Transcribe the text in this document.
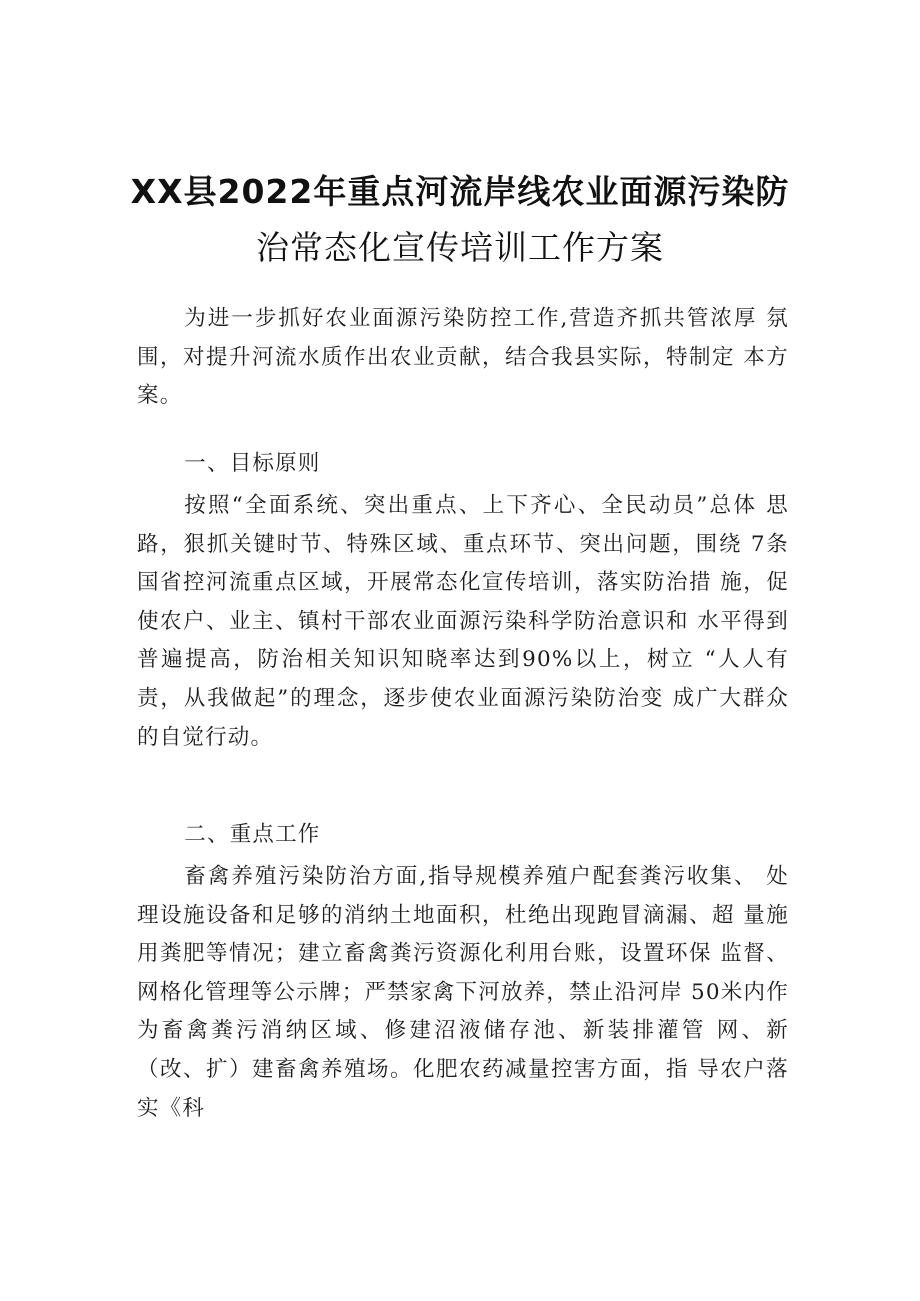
XX县2022年重点河流岸线农业面源污染防
治常态化宣传培训工作方案
为进一步抓好农业面源污染防控工作,营造齐抓共管浓厚 氛围，对提升河流水质作出农业贡献，结合我县实际，特制定 本方案。
一、目标原则
按照“全面系统、突出重点、上下齐心、全民动员”总体 思路，狠抓关键时节、特殊区域、重点环节、突出问题，围绕 7条国省控河流重点区域，开展常态化宣传培训，落实防治措 施，促使农户、业主、镇村干部农业面源污染科学防治意识和 水平得到普遍提高，防治相关知识知晓率达到90%以上，树立 “人人有责，从我做起”的理念，逐步使农业面源污染防治变 成广大群众的自觉行动。
二、重点工作
畜禽养殖污染防治方面,指导规模养殖户配套粪污收集、 处理设施设备和足够的消纳土地面积，杜绝出现跑冒滴漏、超 量施用粪肥等情况；建立畜禽粪污资源化利用台账，设置环保 监督、网格化管理等公示牌；严禁家禽下河放养，禁止沿河岸 50米内作为畜禽粪污消纳区域、修建沼液储存池、新装排灌管 网、新（改、扩）建畜禽养殖场。化肥农药减量控害方面，指 导农户落实《科
